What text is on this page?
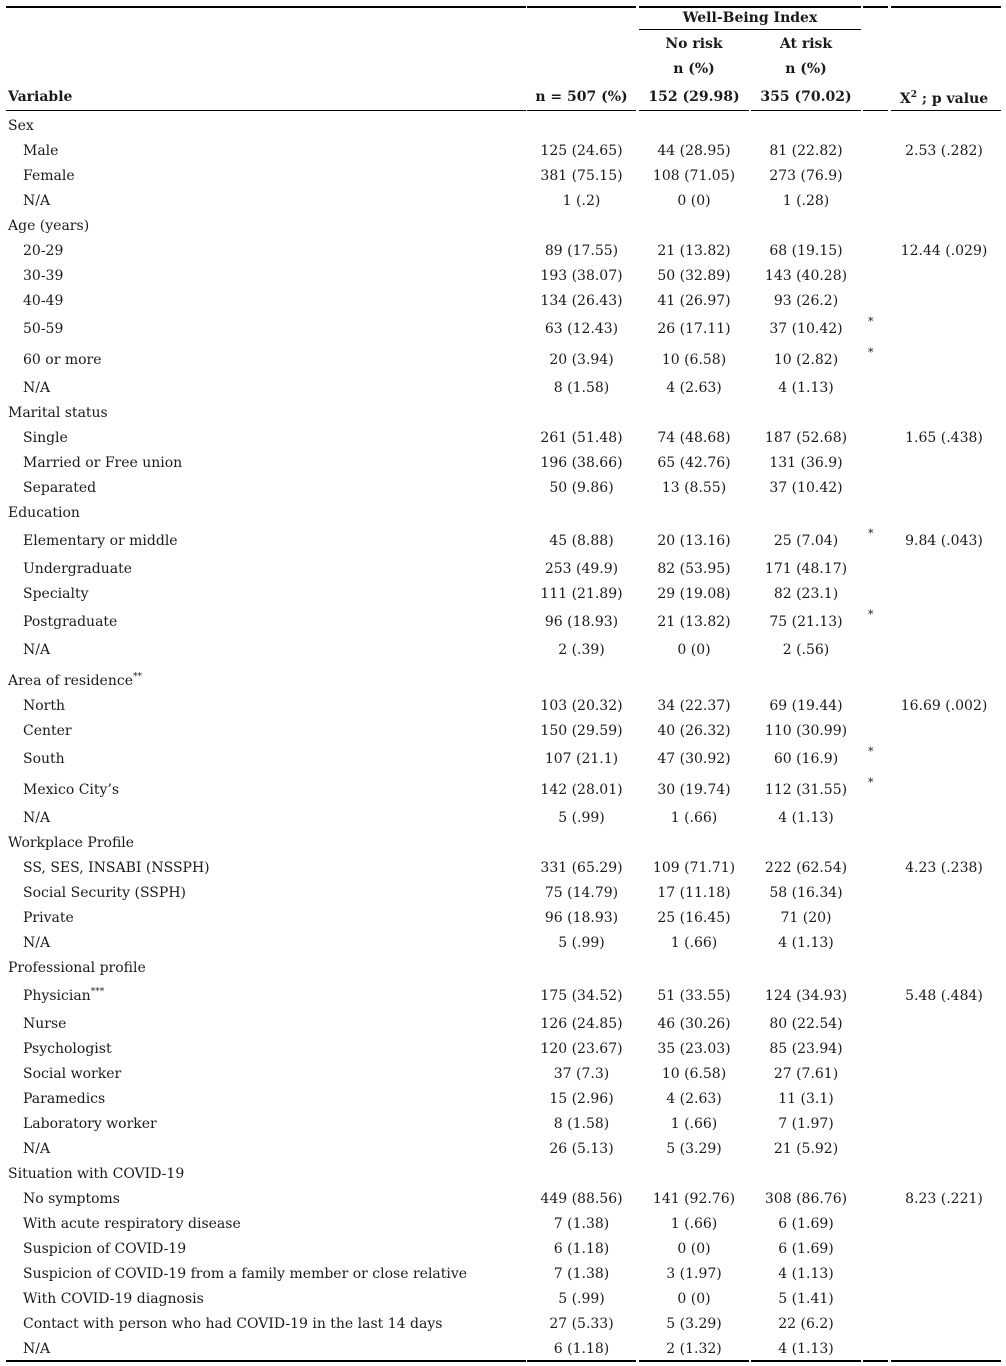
Well-Being Index
No risk	At risk
n (%)	n (%)
Variable	n = 507 (%)	152 (29.98)	355 (70.02)	$X^2$ ; p value
Sex
Male	125 (24.65)	44 (28.95)	81 (22.82)	2.53 (.282)
Female	381 (75.15)	108 (71.05)	273 (76.9)
N/A	1 (.2)	0 (0)	1 (.28)
Age (years)
20-29	89 (17.55)	21 (13.82)	68 (19.15)	12.44 (.029)
30-39	193 (38.07)	50 (32.89)	143 (40.28)
40-49	134 (26.43)	41 (26.97)	93 (26.2)
50-59	63 (12.43)	26 (17.11)	37 (10.42)	*
60 or more	20 (3.94)	10 (6.58)	10 (2.82)	*
N/A	8 (1.58)	4 (2.63)	4 (1.13)
Marital status
Single	261 (51.48)	74 (48.68)	187 (52.68)	1.65 (.438)
Married or Free union	196 (38.66)	65 (42.76)	131 (36.9)
Separated	50 (9.86)	13 (8.55)	37 (10.42)
Education
Elementary or middle	45 (8.88)	20 (13.16)	25 (7.04)	*	9.84 (.043)
Undergraduate	253 (49.9)	82 (53.95)	171 (48.17)
Specialty	111 (21.89)	29 (19.08)	82 (23.1)
Postgraduate	96 (18.93)	21 (13.82)	75 (21.13)	*
N/A	2 (.39)	0 (0)	2 (.56)
Area of residence**
North	103 (20.32)	34 (22.37)	69 (19.44)	16.69 (.002)
Center	150 (29.59)	40 (26.32)	110 (30.99)
South	107 (21.1)	47 (30.92)	60 (16.9)	*
Mexico City’s	142 (28.01)	30 (19.74)	112 (31.55)	*
N/A	5 (.99)	1 (.66)	4 (1.13)
Workplace Profile
SS, SES, INSABI (NSSPH)	331 (65.29)	109 (71.71)	222 (62.54)	4.23 (.238)
Social Security (SSPH)	75 (14.79)	17 (11.18)	58 (16.34)
Private	96 (18.93)	25 (16.45)	71 (20)
N/A	5 (.99)	1 (.66)	4 (1.13)
Professional profile
Physician***	175 (34.52)	51 (33.55)	124 (34.93)	5.48 (.484)
Nurse	126 (24.85)	46 (30.26)	80 (22.54)
Psychologist	120 (23.67)	35 (23.03)	85 (23.94)
Social worker	37 (7.3)	10 (6.58)	27 (7.61)
Paramedics	15 (2.96)	4 (2.63)	11 (3.1)
Laboratory worker	8 (1.58)	1 (.66)	7 (1.97)
N/A	26 (5.13)	5 (3.29)	21 (5.92)
Situation with COVID-19
No symptoms	449 (88.56)	141 (92.76)	308 (86.76)	8.23 (.221)
With acute respiratory disease	7 (1.38)	1 (.66)	6 (1.69)
Suspicion of COVID-19	6 (1.18)	0 (0)	6 (1.69)
Suspicion of COVID-19 from a family member or close relative	7 (1.38)	3 (1.97)	4 (1.13)
With COVID-19 diagnosis	5 (.99)	0 (0)	5 (1.41)
Contact with person who had COVID-19 in the last 14 days	27 (5.33)	5 (3.29)	22 (6.2)
N/A	6 (1.18)	2 (1.32)	4 (1.13)
